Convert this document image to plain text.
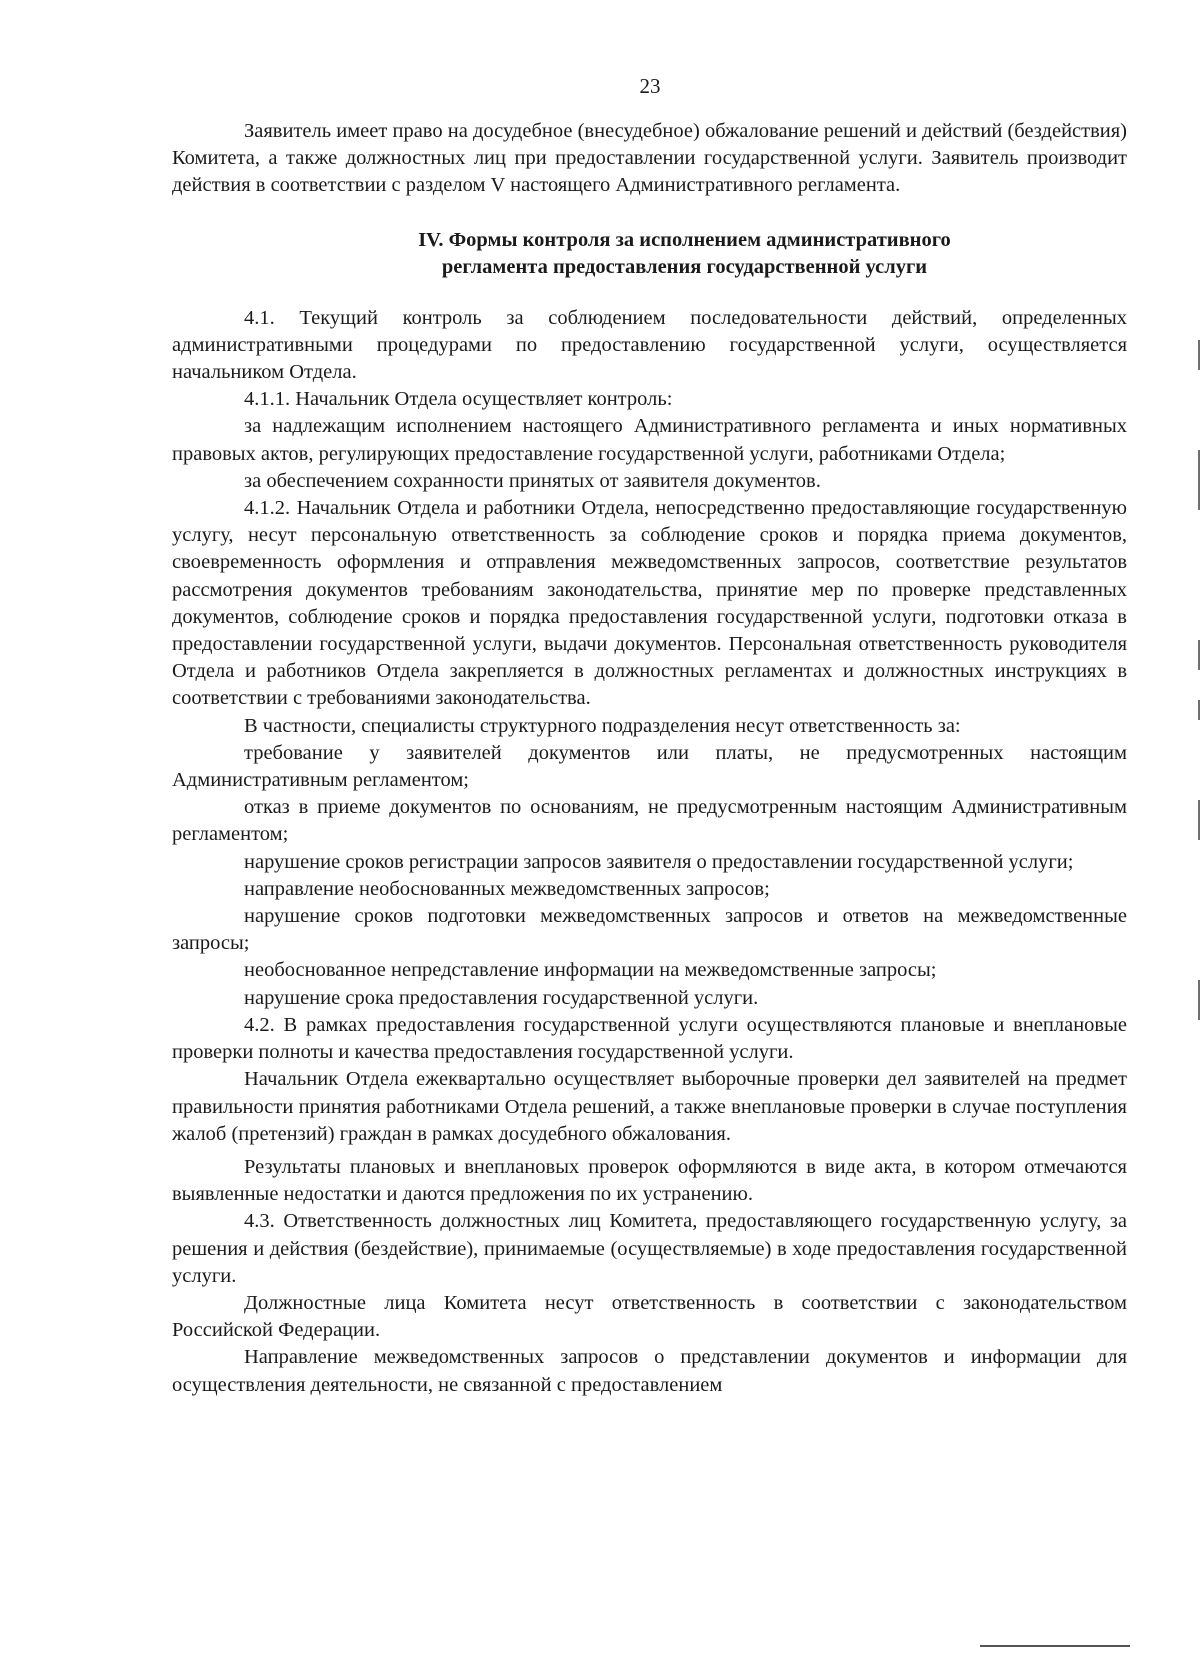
23

Заявитель имеет право на досудебное (внесудебное) обжалование решений и действий (бездействия) Комитета, а также должностных лиц при предоставлении государственной услуги. Заявитель производит действия в соответствии с разделом V настоящего Административного регламента.

IV. Формы контроля за исполнением административного
регламента предоставления государственной услуги

4.1. Текущий контроль за соблюдением последовательности действий, определенных административными процедурами по предоставлению государственной услуги, осуществляется начальником Отдела.

4.1.1. Начальник Отдела осуществляет контроль:

за надлежащим исполнением настоящего Административного регламента и иных нормативных правовых актов, регулирующих предоставление государственной услуги, работниками Отдела;

за обеспечением сохранности принятых от заявителя документов.

4.1.2. Начальник Отдела и работники Отдела, непосредственно предоставляющие государственную услугу, несут персональную ответственность за соблюдение сроков и порядка приема документов, своевременность оформления и отправления межведомственных запросов, соответствие результатов рассмотрения документов требованиям законодательства, принятие мер по проверке представленных документов, соблюдение сроков и порядка предоставления государственной услуги, подготовки отказа в предоставлении государственной услуги, выдачи документов. Персональная ответственность руководителя Отдела и работников Отдела закрепляется в должностных регламентах и должностных инструкциях в соответствии с требованиями законодательства.

В частности, специалисты структурного подразделения несут ответственность за:

требование у заявителей документов или платы, не предусмотренных настоящим Административным регламентом;

отказ в приеме документов по основаниям, не предусмотренным настоящим Административным регламентом;

нарушение сроков регистрации запросов заявителя о предоставлении государственной услуги;

направление необоснованных межведомственных запросов;

нарушение сроков подготовки межведомственных запросов и ответов на межведомственные запросы;

необоснованное непредставление информации на межведомственные запросы;

нарушение срока предоставления государственной услуги.

4.2. В рамках предоставления государственной услуги осуществляются плановые и внеплановые проверки полноты и качества предоставления государственной услуги.

Начальник Отдела ежеквартально осуществляет выборочные проверки дел заявителей на предмет правильности принятия работниками Отдела решений, а также внеплановые проверки в случае поступления жалоб (претензий) граждан в рамках досудебного обжалования.

Результаты плановых и внеплановых проверок оформляются в виде акта, в котором отмечаются выявленные недостатки и даются предложения по их устранению.

4.3. Ответственность должностных лиц Комитета, предоставляющего государственную услугу, за решения и действия (бездействие), принимаемые (осуществляемые) в ходе предоставления государственной услуги.

Должностные лица Комитета несут ответственность в соответствии с законодательством Российской Федерации.

Направление межведомственных запросов о представлении документов и информации для осуществления деятельности, не связанной с предоставлением
